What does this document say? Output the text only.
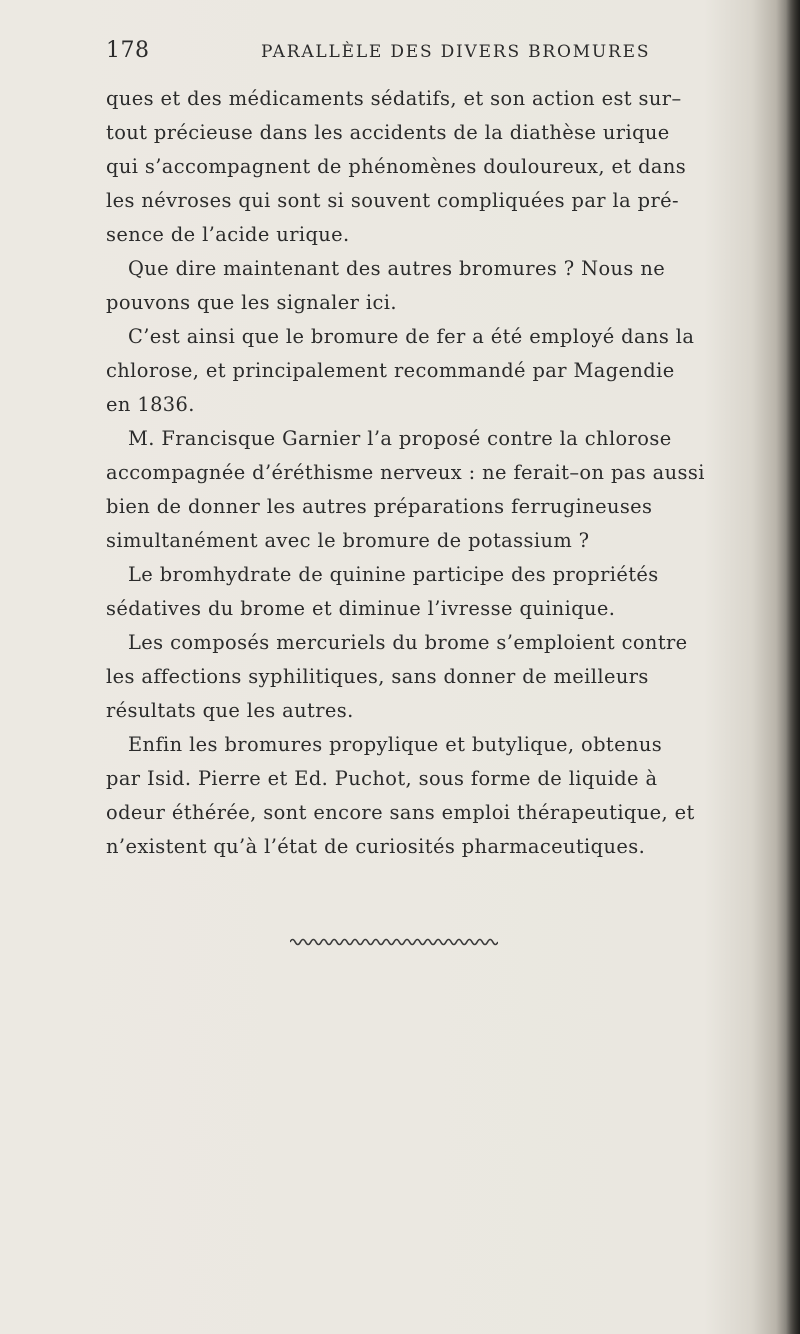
178	PARALLÈLE DES DIVERS BROMURES
ques et des médicaments sédatifs, et son action est sur–
tout précieuse dans les accidents de la diathèse urique
qui s’accompagnent de phénomènes douloureux, et dans
les névroses qui sont si souvent compliquées par la pré-
sence de l’acide urique.
Que dire maintenant des autres bromures ? Nous ne
pouvons que les signaler ici.
C’est ainsi que le bromure de fer a été employé dans la
chlorose, et principalement recommandé par Magendie
en 1836.
M. Francisque Garnier l’a proposé contre la chlorose
accompagnée d’éréthisme nerveux : ne ferait–on pas aussi
bien de donner les autres préparations ferrugineuses
simultanément avec le bromure de potassium ?
Le bromhydrate de quinine participe des propriétés
sédatives du brome et diminue l’ivresse quinique.
Les composés mercuriels du brome s’emploient contre
les affections syphilitiques, sans donner de meilleurs
résultats que les autres.
Enfin les bromures propylique et butylique, obtenus
par Isid. Pierre et Ed. Puchot, sous forme de liquide à
odeur éthérée, sont encore sans emploi thérapeutique, et
n’existent qu’à l’état de curiosités pharmaceutiques.
